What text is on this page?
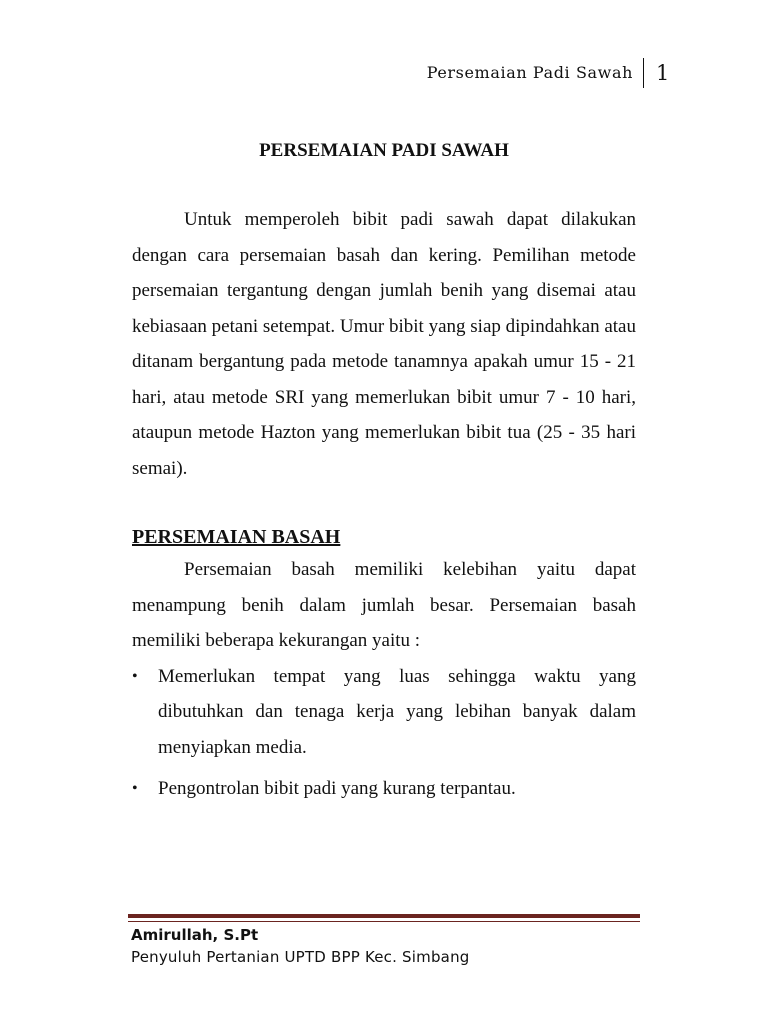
Persemaian Padi Sawah	1
PERSEMAIAN PADI SAWAH

Untuk memperoleh bibit padi sawah dapat dilakukan dengan cara persemaian basah dan kering. Pemilihan metode persemaian tergantung dengan jumlah benih yang disemai atau kebiasaan petani setempat. Umur bibit yang siap dipindahkan atau ditanam bergantung pada metode tanamnya apakah umur 15 - 21 hari, atau metode SRI yang memerlukan bibit umur 7 - 10 hari, ataupun metode Hazton yang memerlukan bibit tua (25 - 35 hari semai).

PERSEMAIAN BASAH

Persemaian basah memiliki kelebihan yaitu dapat menampung benih dalam jumlah besar. Persemaian basah memiliki beberapa kekurangan yaitu :

• Memerlukan tempat yang luas sehingga waktu yang dibutuhkan dan tenaga kerja yang lebihan banyak dalam menyiapkan media.
• Pengontrolan bibit padi yang kurang terpantau.
Amirullah, S.Pt
Penyuluh Pertanian UPTD BPP Kec. Simbang
